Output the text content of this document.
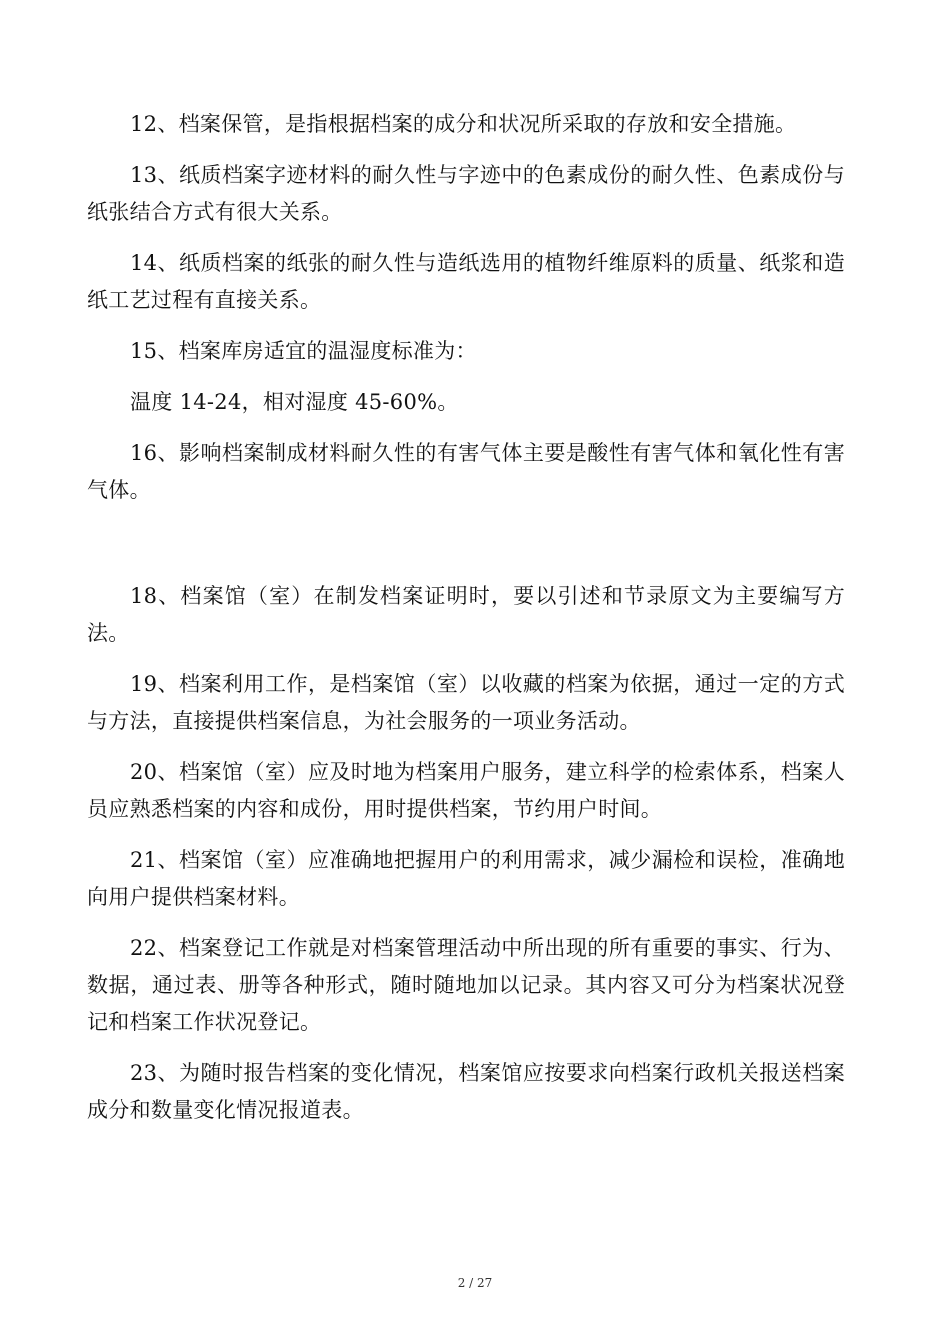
12、档案保管，是指根据档案的成分和状况所采取的存放和安全措施。

13、纸质档案字迹材料的耐久性与字迹中的色素成份的耐久性、色素成份与纸张结合方式有很大关系。

14、纸质档案的纸张的耐久性与造纸选用的植物纤维原料的质量、纸浆和造纸工艺过程有直接关系。

15、档案库房适宜的温湿度标准为：

温度 14-24，相对湿度 45-60%。

16、影响档案制成材料耐久性的有害气体主要是酸性有害气体和氧化性有害气体。

18、档案馆（室）在制发档案证明时，要以引述和节录原文为主要编写方法。

19、档案利用工作，是档案馆（室）以收藏的档案为依据，通过一定的方式与方法，直接提供档案信息，为社会服务的一项业务活动。

20、档案馆（室）应及时地为档案用户服务，建立科学的检索体系，档案人员应熟悉档案的内容和成份，用时提供档案，节约用户时间。

21、档案馆（室）应准确地把握用户的利用需求，减少漏检和误检，准确地向用户提供档案材料。

22、档案登记工作就是对档案管理活动中所出现的所有重要的事实、行为、数据，通过表、册等各种形式，随时随地加以记录。其内容又可分为档案状况登记和档案工作状况登记。

23、为随时报告档案的变化情况，档案馆应按要求向档案行政机关报送档案成分和数量变化情况报道表。

2 / 27
